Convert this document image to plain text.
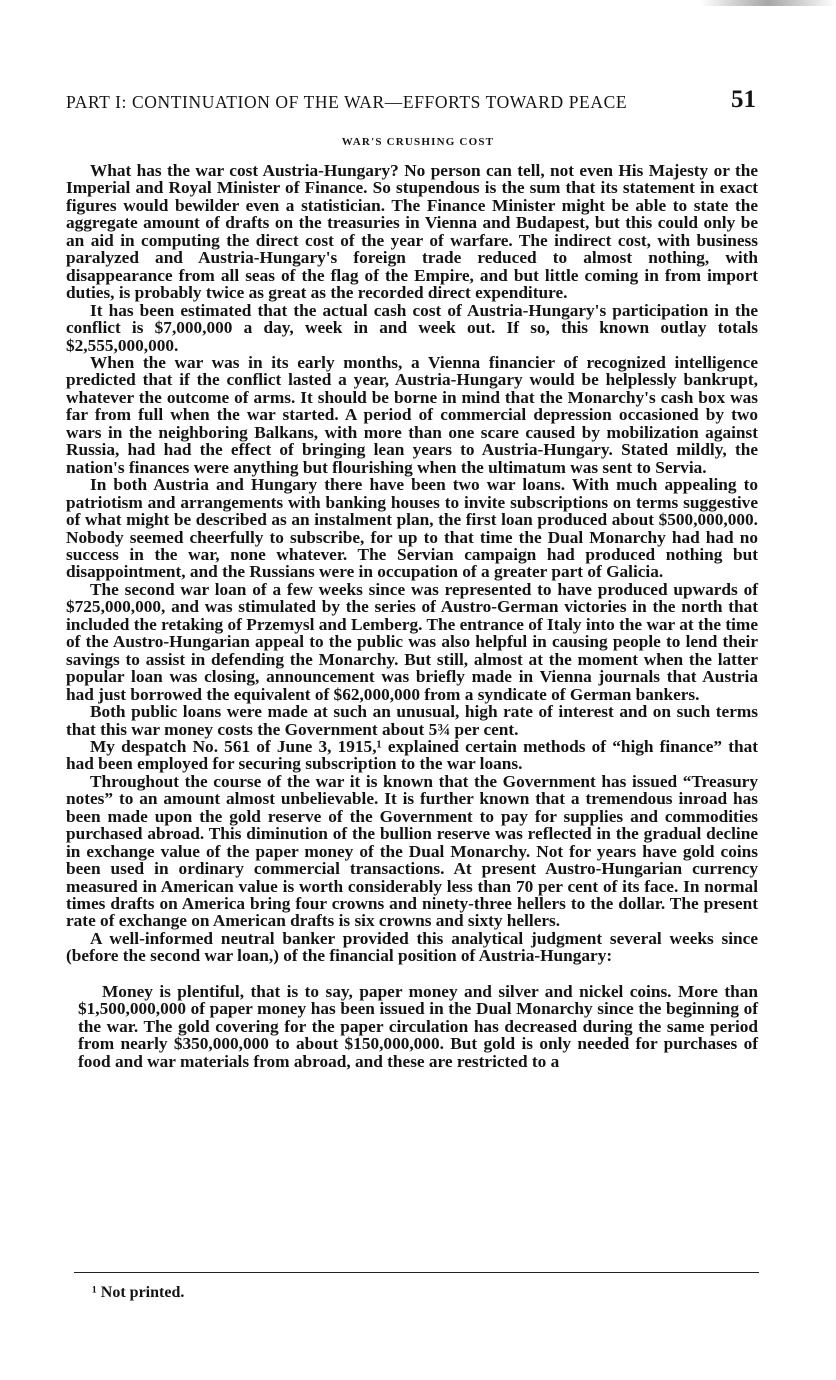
PART I: CONTINUATION OF THE WAR—EFFORTS TOWARD PEACE	51
WAR'S CRUSHING COST

What has the war cost Austria-Hungary? No person can tell, not even His Majesty or the Imperial and Royal Minister of Finance. So stupendous is the sum that its statement in exact figures would bewilder even a statistician. The Finance Minister might be able to state the aggregate amount of drafts on the treasuries in Vienna and Budapest, but this could only be an aid in computing the direct cost of the year of warfare. The indirect cost, with business paralyzed and Austria-Hungary's foreign trade reduced to almost nothing, with disappearance from all seas of the flag of the Empire, and but little coming in from import duties, is probably twice as great as the recorded direct expenditure.

It has been estimated that the actual cash cost of Austria-Hungary's participation in the conflict is $7,000,000 a day, week in and week out. If so, this known outlay totals $2,555,000,000.

When the war was in its early months, a Vienna financier of recognized intelligence predicted that if the conflict lasted a year, Austria-Hungary would be helplessly bankrupt, whatever the outcome of arms. It should be borne in mind that the Monarchy's cash box was far from full when the war started. A period of commercial depression occasioned by two wars in the neighboring Balkans, with more than one scare caused by mobilization against Russia, had had the effect of bringing lean years to Austria-Hungary. Stated mildly, the nation's finances were anything but flourishing when the ultimatum was sent to Servia.

In both Austria and Hungary there have been two war loans. With much appealing to patriotism and arrangements with banking houses to invite subscriptions on terms suggestive of what might be described as an instalment plan, the first loan produced about $500,000,000. Nobody seemed cheerfully to subscribe, for up to that time the Dual Monarchy had had no success in the war, none whatever. The Servian campaign had produced nothing but disappointment, and the Russians were in occupation of a greater part of Galicia.

The second war loan of a few weeks since was represented to have produced upwards of $725,000,000, and was stimulated by the series of Austro-German victories in the north that included the retaking of Przemysl and Lemberg. The entrance of Italy into the war at the time of the Austro-Hungarian appeal to the public was also helpful in causing people to lend their savings to assist in defending the Monarchy. But still, almost at the moment when the latter popular loan was closing, announcement was briefly made in Vienna journals that Austria had just borrowed the equivalent of $62,000,000 from a syndicate of German bankers.

Both public loans were made at such an unusual, high rate of interest and on such terms that this war money costs the Government about 5¾ per cent.

My despatch No. 561 of June 3, 1915,¹ explained certain methods of “high finance” that had been employed for securing subscription to the war loans.

Throughout the course of the war it is known that the Government has issued “Treasury notes” to an amount almost unbelievable. It is further known that a tremendous inroad has been made upon the gold reserve of the Government to pay for supplies and commodities purchased abroad. This diminution of the bullion reserve was reflected in the gradual decline in exchange value of the paper money of the Dual Monarchy. Not for years have gold coins been used in ordinary commercial transactions. At present Austro-Hungarian currency measured in American value is worth considerably less than 70 per cent of its face. In normal times drafts on America bring four crowns and ninety-three hellers to the dollar. The present rate of exchange on American drafts is six crowns and sixty hellers.

A well-informed neutral banker provided this analytical judgment several weeks since (before the second war loan,) of the financial position of Austria-Hungary:

Money is plentiful, that is to say, paper money and silver and nickel coins. More than $1,500,000,000 of paper money has been issued in the Dual Monarchy since the beginning of the war. The gold covering for the paper circulation has decreased during the same period from nearly $350,000,000 to about $150,000,000. But gold is only needed for purchases of food and war materials from abroad, and these are restricted to a

¹ Not printed.
